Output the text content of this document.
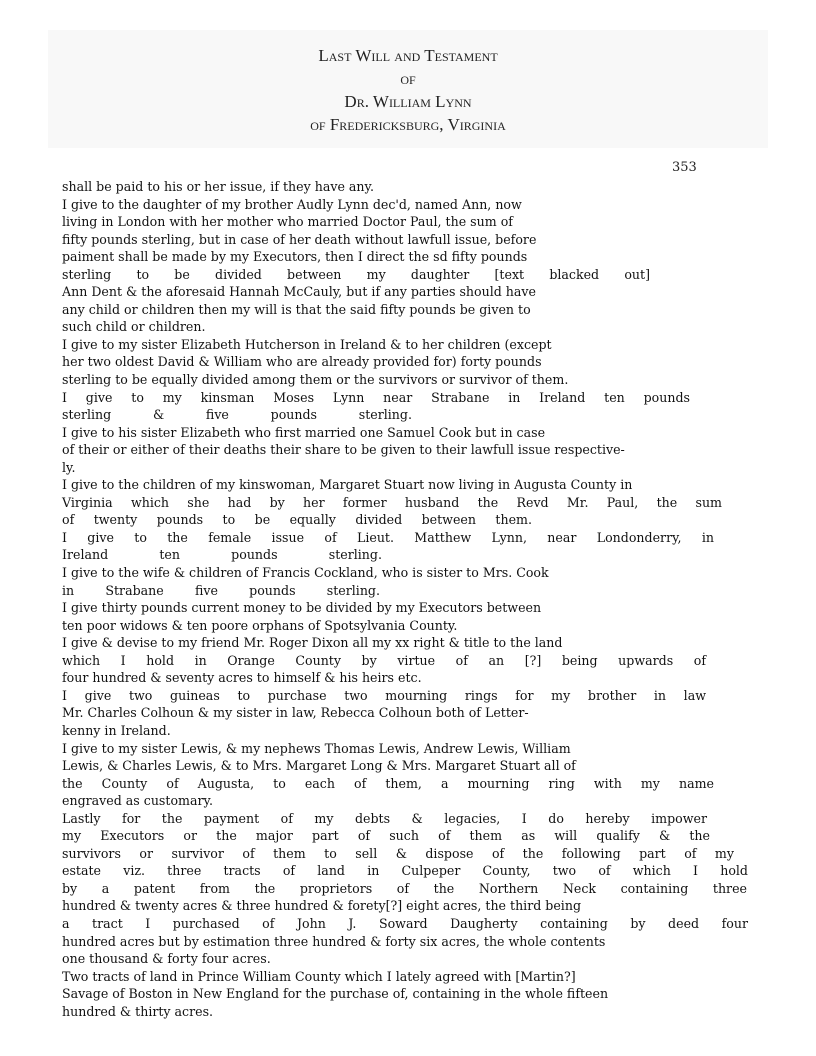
Last Will and Testament
of
Dr. William Lynn
of Fredericksburg, Virginia
353
shall be paid to his or her issue, if they have any.
I give to the daughter of my brother Audly Lynn dec'd, named Ann, now
living in London with her mother who married Doctor Paul, the sum of
fifty pounds sterling, but in case of her death without lawfull issue, before
paiment shall be made by my Executors, then I direct the sd fifty pounds
sterling to be divided between my daughter [text blacked out]
Ann Dent & the aforesaid Hannah McCauly, but if any parties should have
any child or children then my will is that the said fifty pounds be given to
such child or children.
I give to my sister Elizabeth Hutcherson in Ireland & to her children (except
her two oldest David & William who are already provided for) forty pounds
sterling to be equally divided among them or the survivors or survivor of them.
I give to my kinsman Moses Lynn near Strabane in Ireland ten pounds
sterling & five pounds sterling.
I give to his sister Elizabeth who first married one Samuel Cook but in case
of their or either of their deaths their share to be given to their lawfull issue respective-
ly.
I give to the children of my kinswoman, Margaret Stuart now living in Augusta County in
Virginia which she had by her former husband the Revd Mr. Paul, the sum
of twenty pounds to be equally divided between them.
I give to the female issue of Lieut. Matthew Lynn, near Londonderry, in
Ireland ten pounds sterling.
I give to the wife & children of Francis Cockland, who is sister to Mrs. Cook
in Strabane five pounds sterling.
I give thirty pounds current money to be divided by my Executors between
ten poor widows & ten poore orphans of Spotsylvania County.
I give & devise to my friend Mr. Roger Dixon all my xx right & title to the land
which I hold in Orange County by virtue of an [?] being upwards of
four hundred & seventy acres to himself & his heirs etc.
I give two guineas to purchase two mourning rings for my brother in law
Mr. Charles Colhoun & my sister in law, Rebecca Colhoun both of Letter-
kenny in Ireland.
I give to my sister Lewis, & my nephews Thomas Lewis, Andrew Lewis, William
Lewis, & Charles Lewis, & to Mrs. Margaret Long & Mrs. Margaret Stuart all of
the County of Augusta, to each of them, a mourning ring with my name
engraved as customary.
Lastly for the payment of my debts & legacies, I do hereby impower
my Executors or the major part of such of them as will qualify & the
survivors or survivor of them to sell & dispose of the following part of my
estate viz. three tracts of land in Culpeper County, two of which I hold
by a patent from the proprietors of the Northern Neck containing three
hundred & twenty acres & three hundred & forety[?] eight acres, the third being
a tract I purchased of John J. Soward Daugherty containing by deed four
hundred acres but by estimation three hundred & forty six acres, the whole contents
one thousand & forty four acres.
Two tracts of land in Prince William County which I lately agreed with [Martin?]
Savage of Boston in New England for the purchase of, containing in the whole fifteen
hundred & thirty acres.
